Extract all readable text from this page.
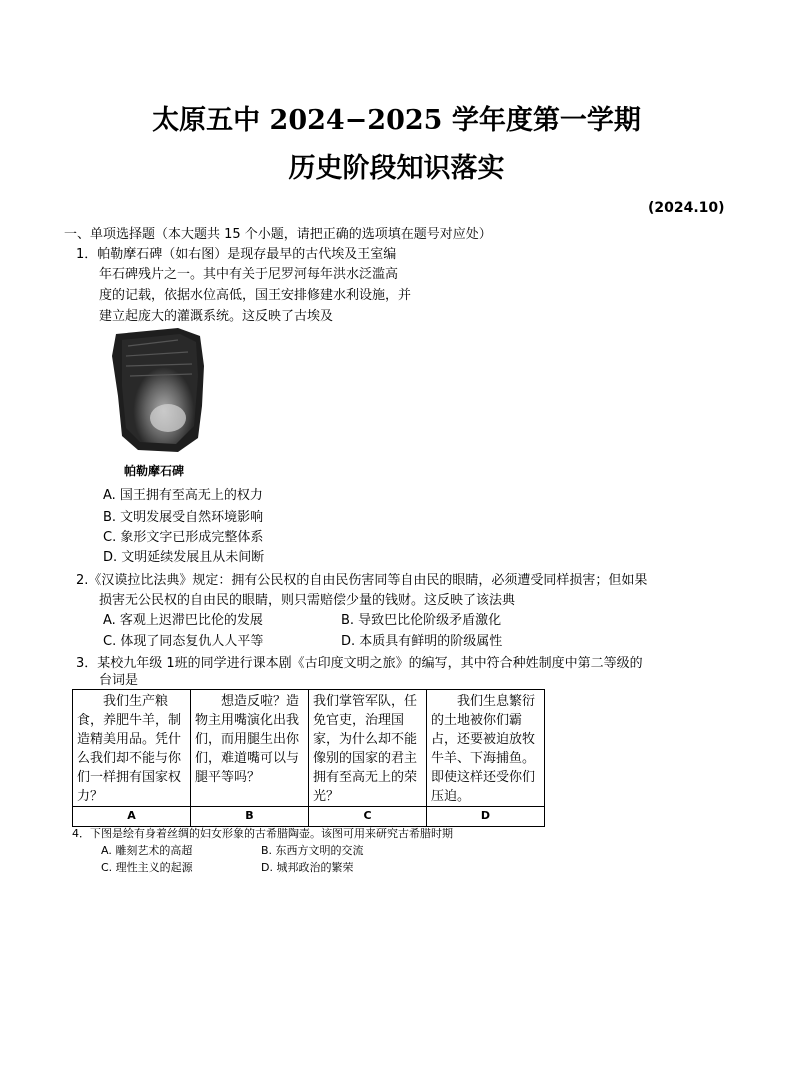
太原五中 2024−2025 学年度第一学期
历史阶段知识落实
(2024.10)
一、单项选择题（本大题共 15 个小题，请把正确的选项填在题号对应处）
1．帕勒摩石碑（如右图）是现存最早的古代埃及王室编
年石碑残片之一。其中有关于尼罗河每年洪水泛滥高
度的记载，依据水位高低，国王安排修建水利设施，并
建立起庞大的灌溉系统。这反映了古埃及
帕勒摩石碑
A. 国王拥有至高无上的权力
B. 文明发展受自然环境影响
C. 象形文字已形成完整体系
D. 文明延续发展且从未间断
2.《汉谟拉比法典》规定：拥有公民权的自由民伤害同等自由民的眼睛，必须遭受同样损害；但如果
损害无公民权的自由民的眼睛，则只需赔偿少量的钱财。这反映了该法典
A. 客观上迟滞巴比伦的发展	B. 导致巴比伦阶级矛盾激化
C. 体现了同态复仇人人平等	D. 本质具有鲜明的阶级属性
3．某校九年级 1班的同学进行课本剧《古印度文明之旅》的编写，其中符合种姓制度中第二等级的
台词是
　　我们生产粮食，养肥牛羊，制造精美用品。凭什么我们却不能与你们一样拥有国家权力？	　　想造反啦？造物主用嘴演化出我们，而用腿生出你们，难道嘴可以与腿平等吗？	我们掌管军队，任免官吏，治理国家，为什么却不能像别的国家的君主拥有至高无上的荣光？	　　我们生息繁衍的土地被你们霸占，还要被迫放牧牛羊、下海捕鱼。即使这样还受你们压迫。
A	B	C	D
4．下图是绘有身着丝绸的妇女形象的古希腊陶壶。该图可用来研究古希腊时期
A. 雕刻艺术的高超	B. 东西方文明的交流
C. 理性主义的起源	D. 城邦政治的繁荣
